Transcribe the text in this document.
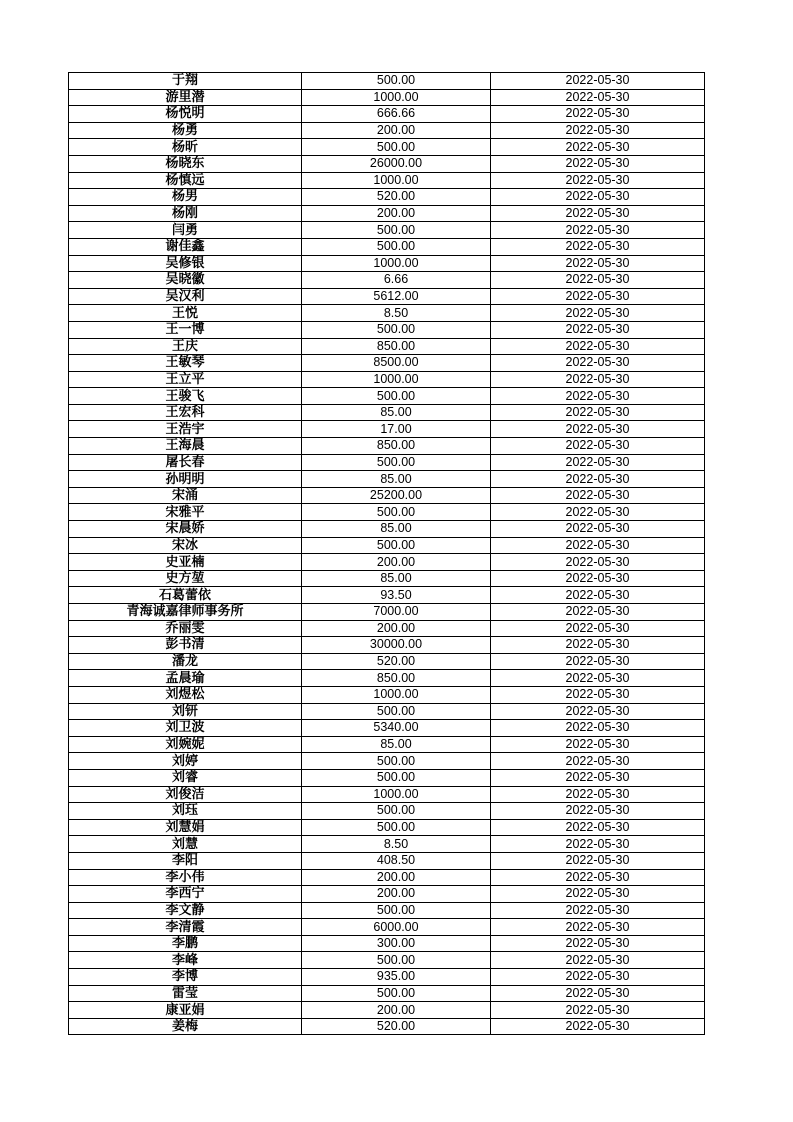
于翔	500.00	2022-05-30
游里潜	1000.00	2022-05-30
杨悦明	666.66	2022-05-30
杨勇	200.00	2022-05-30
杨昕	500.00	2022-05-30
杨晓东	26000.00	2022-05-30
杨慎远	1000.00	2022-05-30
杨男	520.00	2022-05-30
杨刚	200.00	2022-05-30
闫勇	500.00	2022-05-30
谢佳鑫	500.00	2022-05-30
吴修银	1000.00	2022-05-30
吴晓徽	6.66	2022-05-30
吴汉利	5612.00	2022-05-30
王悦	8.50	2022-05-30
王一博	500.00	2022-05-30
王庆	850.00	2022-05-30
王敏琴	8500.00	2022-05-30
王立平	1000.00	2022-05-30
王骏飞	500.00	2022-05-30
王宏科	85.00	2022-05-30
王浩宇	17.00	2022-05-30
王海晨	850.00	2022-05-30
屠长春	500.00	2022-05-30
孙明明	85.00	2022-05-30
宋涌	25200.00	2022-05-30
宋雅平	500.00	2022-05-30
宋晨娇	85.00	2022-05-30
宋冰	500.00	2022-05-30
史亚楠	200.00	2022-05-30
史方堃	85.00	2022-05-30
石葛蕾依	93.50	2022-05-30
青海诚嘉律师事务所	7000.00	2022-05-30
乔丽雯	200.00	2022-05-30
彭书清	30000.00	2022-05-30
潘龙	520.00	2022-05-30
孟晨瑜	850.00	2022-05-30
刘煜松	1000.00	2022-05-30
刘钘	500.00	2022-05-30
刘卫波	5340.00	2022-05-30
刘婉妮	85.00	2022-05-30
刘婷	500.00	2022-05-30
刘睿	500.00	2022-05-30
刘俊洁	1000.00	2022-05-30
刘珏	500.00	2022-05-30
刘慧娟	500.00	2022-05-30
刘慧	8.50	2022-05-30
李阳	408.50	2022-05-30
李小伟	200.00	2022-05-30
李西宁	200.00	2022-05-30
李文静	500.00	2022-05-30
李清霞	6000.00	2022-05-30
李鹏	300.00	2022-05-30
李峰	500.00	2022-05-30
李博	935.00	2022-05-30
雷莹	500.00	2022-05-30
康亚娟	200.00	2022-05-30
姜梅	520.00	2022-05-30
